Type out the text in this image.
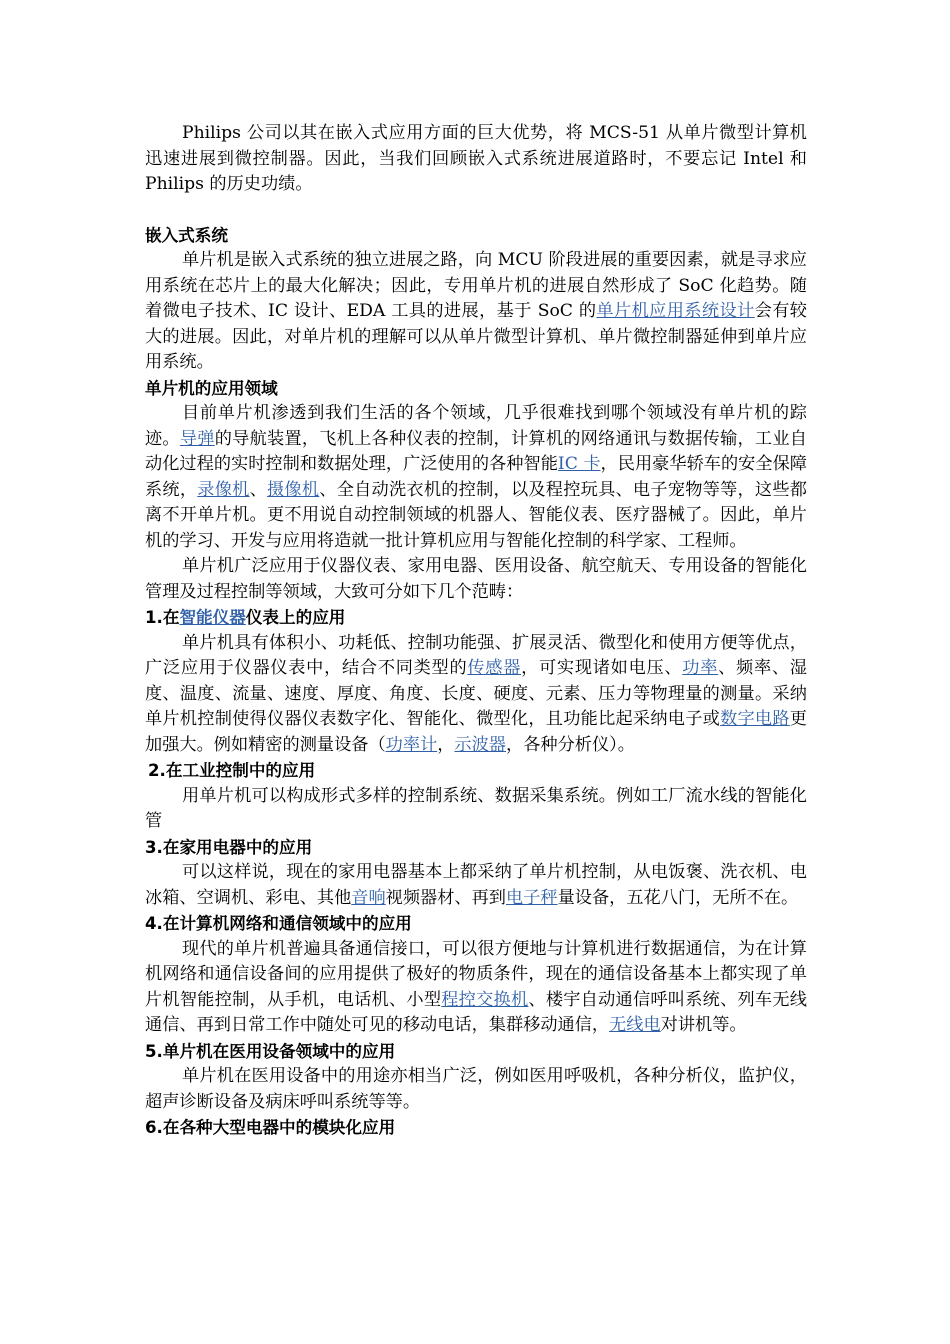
Philips 公司以其在嵌入式应用方面的巨大优势，将 MCS-51 从单片微型计算机迅速进展到微控制器。因此，当我们回顾嵌入式系统进展道路时，不要忘记 Intel 和 Philips 的历史功绩。

嵌入式系统

单片机是嵌入式系统的独立进展之路，向 MCU 阶段进展的重要因素，就是寻求应用系统在芯片上的最大化解决；因此，专用单片机的进展自然形成了 SoC 化趋势。随着微电子技术、IC 设计、EDA 工具的进展，基于 SoC 的单片机应用系统设计会有较大的进展。因此，对单片机的理解可以从单片微型计算机、单片微控制器延伸到单片应用系统。

单片机的应用领域

目前单片机渗透到我们生活的各个领域，几乎很难找到哪个领域没有单片机的踪迹。导弹的导航装置，飞机上各种仪表的控制，计算机的网络通讯与数据传输，工业自动化过程的实时控制和数据处理，广泛使用的各种智能IC 卡，民用豪华轿车的安全保障系统，录像机、摄像机、全自动洗衣机的控制，以及程控玩具、电子宠物等等，这些都离不开单片机。更不用说自动控制领域的机器人、智能仪表、医疗器械了。因此，单片机的学习、开发与应用将造就一批计算机应用与智能化控制的科学家、工程师。

单片机广泛应用于仪器仪表、家用电器、医用设备、航空航天、专用设备的智能化管理及过程控制等领域，大致可分如下几个范畴：

1.在智能仪器仪表上的应用

单片机具有体积小、功耗低、控制功能强、扩展灵活、微型化和使用方便等优点，广泛应用于仪器仪表中，结合不同类型的传感器，可实现诸如电压、功率、频率、湿度、温度、流量、速度、厚度、角度、长度、硬度、元素、压力等物理量的测量。采纳单片机控制使得仪器仪表数字化、智能化、微型化，且功能比起采纳电子或数字电路更加强大。例如精密的测量设备（功率计，示波器，各种分析仪）。

2.在工业控制中的应用

用单片机可以构成形式多样的控制系统、数据采集系统。例如工厂流水线的智能化管

3.在家用电器中的应用

可以这样说，现在的家用电器基本上都采纳了单片机控制，从电饭褒、洗衣机、电冰箱、空调机、彩电、其他音响视频器材、再到电子秤量设备，五花八门，无所不在。

4.在计算机网络和通信领域中的应用

现代的单片机普遍具备通信接口，可以很方便地与计算机进行数据通信，为在计算机网络和通信设备间的应用提供了极好的物质条件，现在的通信设备基本上都实现了单片机智能控制，从手机，电话机、小型程控交换机、楼宇自动通信呼叫系统、列车无线通信、再到日常工作中随处可见的移动电话，集群移动通信，无线电对讲机等。

5.单片机在医用设备领域中的应用

单片机在医用设备中的用途亦相当广泛，例如医用呼吸机，各种分析仪，监护仪，超声诊断设备及病床呼叫系统等等。

6.在各种大型电器中的模块化应用
